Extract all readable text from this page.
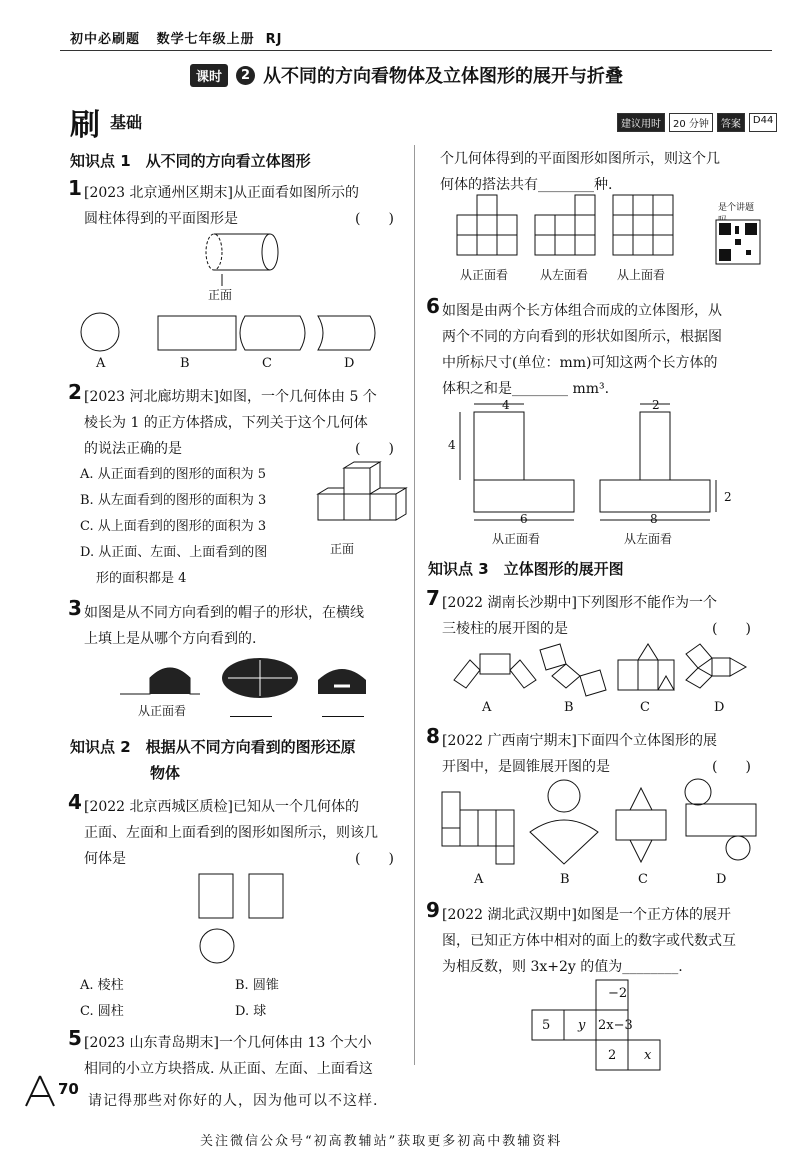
初中必刷题 数学七年级上册 RJ
课时	2 从不同的方向看物体及立体图形的展开与折叠
刷 基础	建议用时	20 分钟	答案	D44
知识点 1　从不同的方向看立体图形
1 [2023 北京通州区期末]从正面看如图所示的
圆柱体得到的平面图形是	(　　)
正面
A	B	C	D
2 [2023 河北廊坊期末]如图，一个几何体由 5 个
棱长为 1 的正方体搭成，下列关于这个几何体
的说法正确的是	(　　)
A. 从正面看到的图形的面积为 5
B. 从左面看到的图形的面积为 3
C. 从上面看到的图形的面积为 3
D. 从正面、左面、上面看到的图
形的面积都是 4
正面
3 如图是从不同方向看到的帽子的形状，在横线
上填上是从哪个方向看到的.
从正面看
知识点 2　根据从不同方向看到的图形还原
物体
4 [2022 北京西城区质检]已知从一个几何体的
正面、左面和上面看到的图形如图所示，则该几
何体是	(　　)
A. 棱柱	B. 圆锥
C. 圆柱	D. 球
5 [2023 山东青岛期末]一个几何体由 13 个大小
相同的小立方块搭成. 从正面、左面、上面看这
个几何体得到的平面图形如图所示，则这个几
何体的搭法共有________种.
从正面看	从左面看 从上面看
是个讲题
6 如图是由两个长方体组合而成的立体图形，从
两个不同的方向看到的形状如图所示，根据图
中所标尺寸(单位：mm)可知这两个长方体的
体积之和是________ mm³.
4
4
6
2
2
8
从正面看	从左面看
知识点 3　立体图形的展开图
7 [2022 湖南长沙期中]下列图形不能作为一个
三棱柱的展开图的是	(　　)
A	B	C	D
8 [2022 广西南宁期末]下面四个立体图形的展
开图中，是圆锥展开图的是	(　　)
A	B	C	D
9 [2022 湖北武汉期中]如图是一个正方体的展开
图，已知正方体中相对的面上的数字或代数式互
为相反数，则 3x+2y 的值为________.
−2
5 y 2x−3
2 x
70
请记得那些对你好的人，因为他可以不这样.
关注微信公众号“初高教辅站”获取更多初高中教辅资料
